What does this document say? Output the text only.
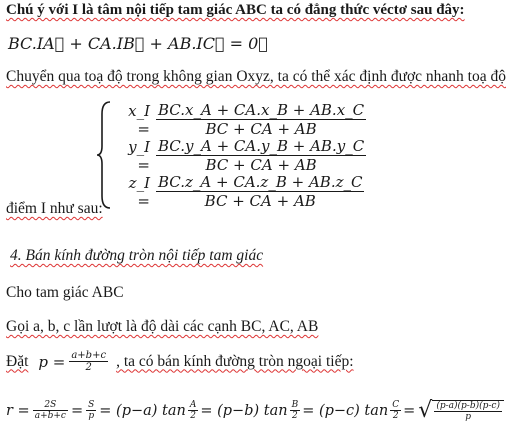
Chú ý với I là tâm nội tiếp tam giác ABC ta có đẳng thức véctơ sau đây:
BC.IA⃗ + CA.IB⃗ + AB.IC⃗ = 0⃗
Chuyển qua toạ độ trong không gian Oxyz, ta có thể xác định được nhanh toạ độ
x_I = $\frac{BC.x\_A + CA.x\_B + AB.x\_C}{BC + CA + AB}$
y_I = $\frac{BC.y\_A + CA.y\_B + AB.y\_C}{BC + CA + AB}$
z_I = $\frac{BC.z\_A + CA.z\_B + AB.z\_C}{BC + CA + AB}$
điểm I như sau:
4. Bán kính đường tròn nội tiếp tam giác
Cho tam giác ABC
Gọi a, b, c lần lượt là độ dài các cạnh BC, AC, AB
Đặt $p = \frac{a+b+c}{2}$ , ta có bán kính đường tròn ngoại tiếp:
$r = \frac{2S}{a+b+c} = \frac{S}{p} = (p-a)$ $\tan \frac{A}{2} = (p-b)$ $\tan \frac{B}{2} = (p-c)$ $\tan \frac{C}{2}$ = √ $\frac{(p-a)(p-b)(p-c)}{p}$
